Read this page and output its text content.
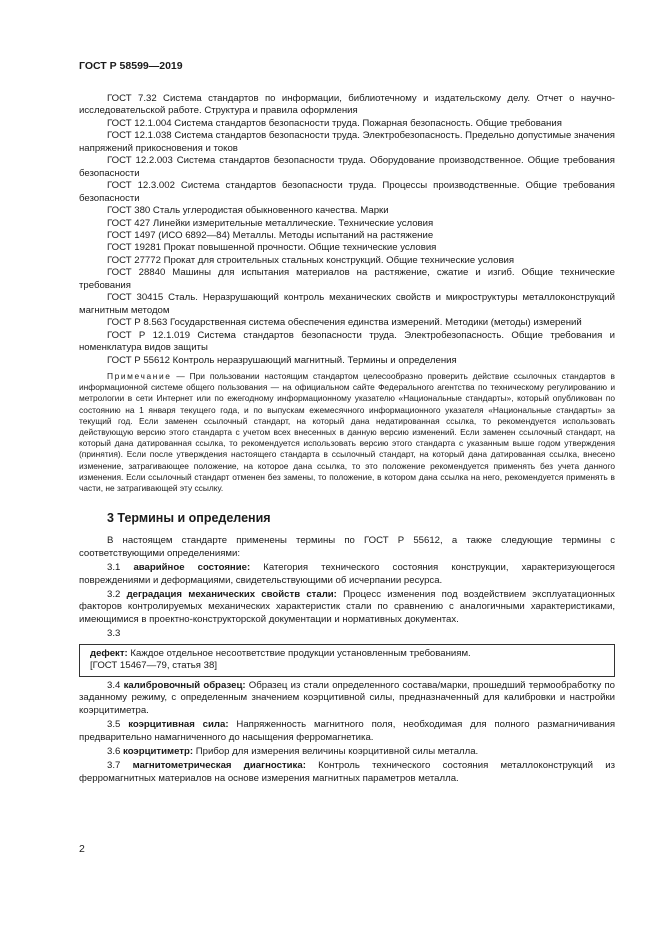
ГОСТ Р 58599—2019

ГОСТ 7.32 Система стандартов по информации, библиотечному и издательскому делу. Отчет о научно-исследовательской работе. Структура и правила оформления

ГОСТ 12.1.004 Система стандартов безопасности труда. Пожарная безопасность. Общие требования

ГОСТ 12.1.038 Система стандартов безопасности труда. Электробезопасность. Предельно допустимые значения напряжений прикосновения и токов

ГОСТ 12.2.003 Система стандартов безопасности труда. Оборудование производственное. Общие требования безопасности

ГОСТ 12.3.002 Система стандартов безопасности труда. Процессы производственные. Общие требования безопасности

ГОСТ 380 Сталь углеродистая обыкновенного качества. Марки

ГОСТ 427 Линейки измерительные металлические. Технические условия

ГОСТ 1497 (ИСО 6892—84) Металлы. Методы испытаний на растяжение

ГОСТ 19281 Прокат повышенной прочности. Общие технические условия

ГОСТ 27772 Прокат для строительных стальных конструкций. Общие технические условия

ГОСТ 28840 Машины для испытания материалов на растяжение, сжатие и изгиб. Общие технические требования

ГОСТ 30415 Сталь. Неразрушающий контроль механических свойств и микроструктуры металлоконструкций магнитным методом

ГОСТ Р 8.563 Государственная система обеспечения единства измерений. Методики (методы) измерений

ГОСТ Р 12.1.019 Система стандартов безопасности труда. Электробезопасность. Общие требования и номенклатура видов защиты

ГОСТ Р 55612 Контроль неразрушающий магнитный. Термины и определения

Примечание — При пользовании настоящим стандартом целесообразно проверить действие ссылочных стандартов в информационной системе общего пользования — на официальном сайте Федерального агентства по техническому регулированию и метрологии в сети Интернет или по ежегодному информационному указателю «Национальные стандарты», который опубликован по состоянию на 1 января текущего года, и по выпускам ежемесячного информационного указателя «Национальные стандарты» за текущий год. Если заменен ссылочный стандарт, на который дана недатированная ссылка, то рекомендуется использовать действующую версию этого стандарта с учетом всех внесенных в данную версию изменений. Если заменен ссылочный стандарт, на который дана датированная ссылка, то рекомендуется использовать версию этого стандарта с указанным выше годом утверждения (принятия). Если после утверждения настоящего стандарта в ссылочный стандарт, на который дана датированная ссылка, внесено изменение, затрагивающее положение, на которое дана ссылка, то это положение рекомендуется применять без учета данного изменения. Если ссылочный стандарт отменен без замены, то положение, в котором дана ссылка на него, рекомендуется применять в части, не затрагивающей эту ссылку.

3 Термины и определения

В настоящем стандарте применены термины по ГОСТ Р 55612, а также следующие термины с соответствующими определениями:

3.1 аварийное состояние: Категория технического состояния конструкции, характеризующегося повреждениями и деформациями, свидетельствующими об исчерпании ресурса.

3.2 деградация механических свойств стали: Процесс изменения под воздействием эксплуатационных факторов контролируемых механических характеристик стали по сравнению с аналогичными характеристиками, имеющимися в проектно-конструкторской документации и нормативных документах.

3.3

дефект: Каждое отдельное несоответствие продукции установленным требованиям.
[ГОСТ 15467—79, статья 38]

3.4 калибровочный образец: Образец из стали определенного состава/марки, прошедший термообработку по заданному режиму, с определенным значением коэрцитивной силы, предназначенный для калибровки и настройки коэрцитиметра.

3.5 коэрцитивная сила: Напряженность магнитного поля, необходимая для полного размагничивания предварительно намагниченного до насыщения ферромагнетика.

3.6 коэрцитиметр: Прибор для измерения величины коэрцитивной силы металла.

3.7 магнитометрическая диагностика: Контроль технического состояния металлоконструкций из ферромагнитных материалов на основе измерения магнитных параметров металла.

2
